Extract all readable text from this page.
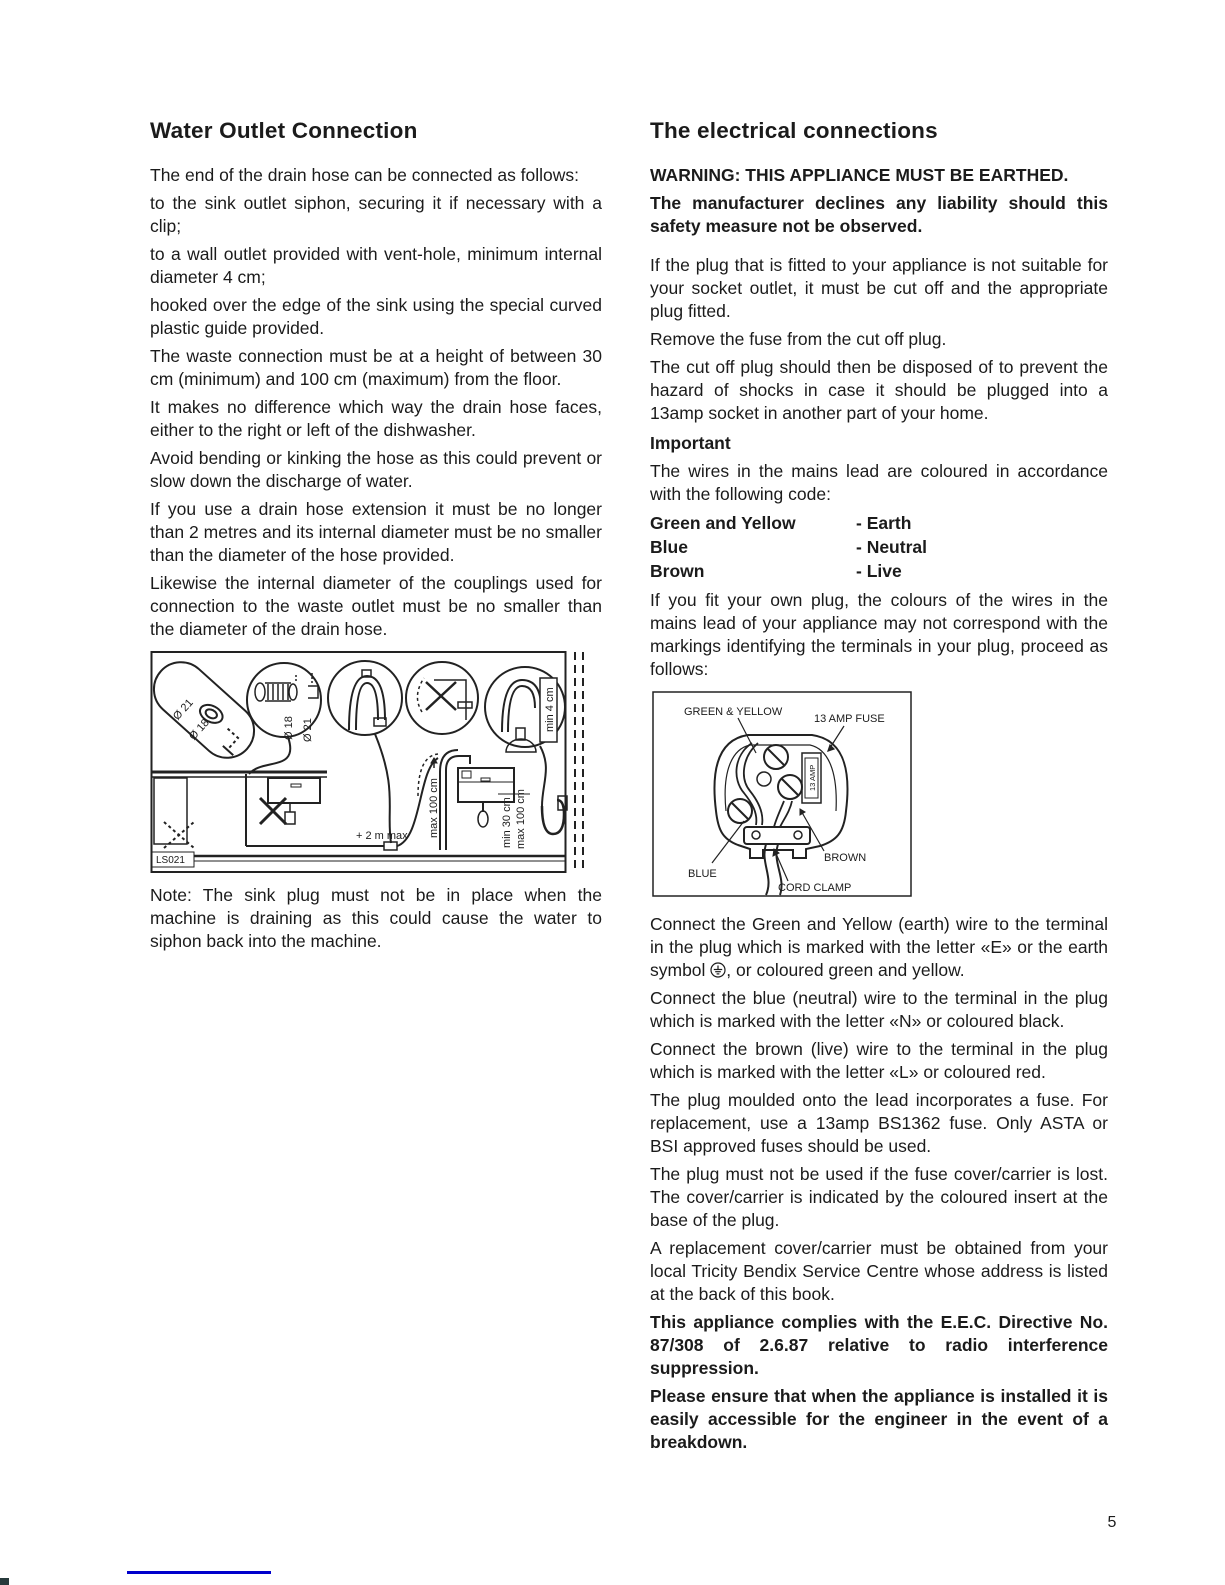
Water Outlet Connection

The end of the drain hose can be connected as follows:

to the sink outlet siphon, securing it if necessary with a clip;

to a wall outlet provided with vent-hole, minimum internal diameter 4 cm;

hooked over the edge of the sink using the special curved plastic guide provided.

The waste connection must be at a height of between 30 cm (minimum) and 100 cm (maximum) from the floor.

It makes no difference which way the drain hose faces, either to the right or left of the dishwasher.

Avoid bending or kinking the hose as this could prevent or slow down the discharge of water.

If you use a drain hose extension it must be no longer than 2 metres and its internal diameter must be no smaller than the diameter of the hose provided.

Likewise the internal diameter of the couplings used for connection to the waste outlet must be no smaller than the diameter of the drain hose.

Ø 21
Ø 18	Ø 18 Ø 21	min 4 cm
+ 2 m max max 100 cm	min 30 cm max 100 cm
LS021

Note: The sink plug must not be in place when the machine is draining as this could cause the water to siphon back into the machine.

The electrical connections

WARNING: THIS APPLIANCE MUST BE EARTHED.

The manufacturer declines any liability should this safety measure not be observed.

If the plug that is fitted to your appliance is not suitable for your socket outlet, it must be cut off and the appropriate plug fitted.

Remove the fuse from the cut off plug.

The cut off plug should then be disposed of to prevent the hazard of shocks in case it should be plugged into a 13amp socket in another part of your home.

Important

The wires in the mains lead are coloured in accordance with the following code:

Green and Yellow	- Earth
Blue	- Neutral
Brown	- Live

If you fit your own plug, the colours of the wires in the mains lead of your appliance may not correspond with the markings identifying the terminals in your plug, proceed as follows:

GREEN & YELLOW
13 AMP FUSE
13 AMP
BLUE
BROWN
CORD CLAMP

Connect the Green and Yellow (earth) wire to the terminal in the plug which is marked with the letter «E» or the earth symbol , or coloured green and yellow.

Connect the blue (neutral) wire to the terminal in the plug which is marked with the letter «N» or coloured black.

Connect the brown (live) wire to the terminal in the plug which is marked with the letter «L» or coloured red.

The plug moulded onto the lead incorporates a fuse. For replacement, use a 13amp BS1362 fuse. Only ASTA or BSI approved fuses should be used.

The plug must not be used if the fuse cover/carrier is lost. The cover/carrier is indicated by the coloured insert at the base of the plug.

A replacement cover/carrier must be obtained from your local Tricity Bendix Service Centre whose address is listed at the back of this book.

This appliance complies with the E.E.C. Directive No. 87/308 of 2.6.87 relative to radio interference suppression.

Please ensure that when the appliance is installed it is easily accessible for the engineer in the event of a breakdown.

5
